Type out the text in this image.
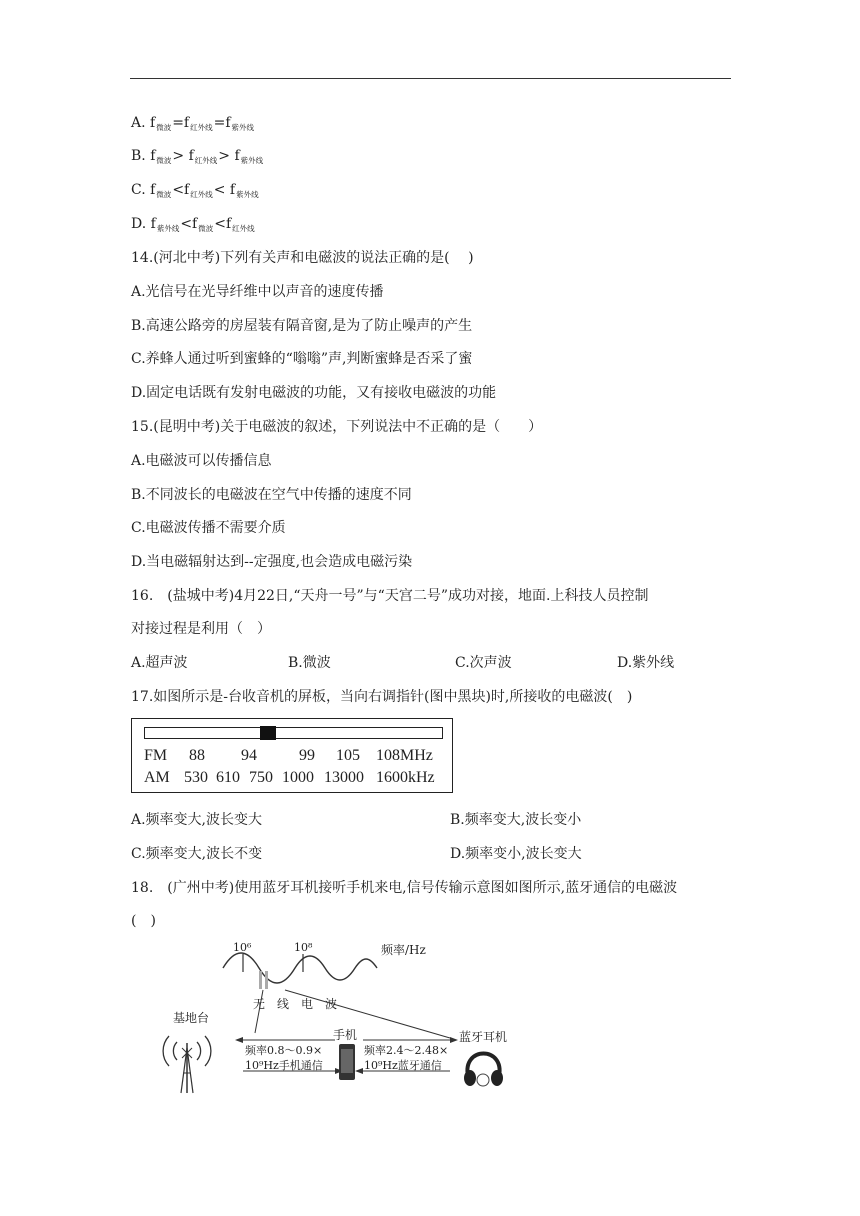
A. $f_{微波}=f_{红外线}=f_{紫外线}$
B. $f_{微波}> f_{红外线}> f_{紫外线}$
C. $f_{微波}<f_{红外线}< f_{紫外线}$
D. $f_{紫外线}<f_{微波}<f_{红外线}$
14.(河北中考)下列有关声和电磁波的说法正确的是(　 )
A.光信号在光导纤维中以声音的速度传播
B.高速公路旁的房屋装有隔音窗,是为了防止噪声的产生
C.养蜂人通过听到蜜蜂的“嗡嗡”声,判断蜜蜂是否采了蜜
D.固定电话既有发射电磁波的功能，又有接收电磁波的功能
15.(昆明中考)关于电磁波的叙述，下列说法中不正确的是（　　）
A.电磁波可以传播信息
B.不同波长的电磁波在空气中传播的速度不同
C.电磁波传播不需要介质
D.当电磁辐射达到--定强度,也会造成电磁污染
16.　(盐城中考)4月22日,“天舟一号”与“天宫二号”成功对接，地面.上科技人员控制
对接过程是利用（　）
A.超声波	B.微波	C.次声波	D.紫外线
17.如图所示是-台收音机的屏板，当向右调指针(图中黑块)时,所接收的电磁波(　)
FM 88 94	99 105 108MHz
AM 530 610 750 1000 13000 1600kHz
A.频率变大,波长变大	B.频率变大,波长变小
C.频率变大,波长不变	D.频率变小,波长变大
18.　(广州中考)使用蓝牙耳机接听手机来电,信号传输示意图如图所示,蓝牙通信的电磁波
(　)
10⁶	10⁸	频率/Hz
无　线　电　波
基地台
手机	蓝牙耳机
频率0.8～0.9×
10⁹Hz手机通信
频率2.4～2.48×
10⁹Hz蓝牙通信
